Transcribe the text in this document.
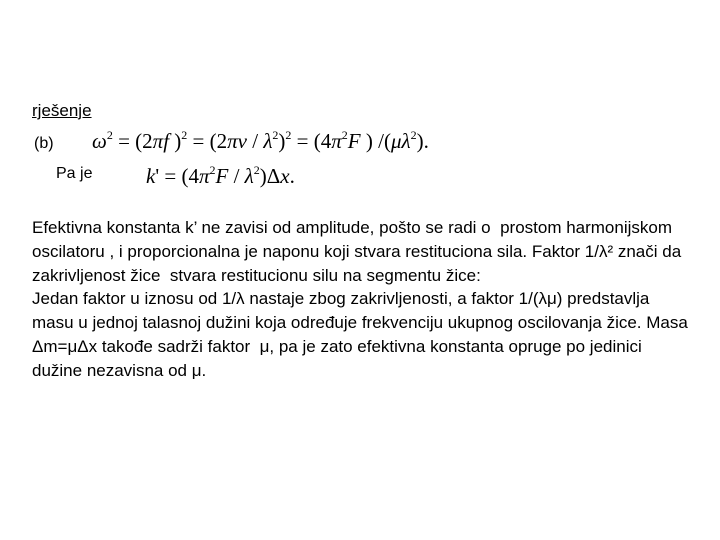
rješenje
(b) $\omega^2 = (2\pi f$ )$^2 = (2\pi v / \lambda^2)^2 = (4\pi^2F$ ) $/(\mu\lambda^2)$.
Pa je	$k' = (4\pi^2F / \lambda^2)\Delta x$.

Efektivna konstanta k’ ne zavisi od amplitude, pošto se radi o  prostom harmonijskom oscilatoru , i proporcionalna je naponu koji stvara restituciona sila. Faktor 1/λ² znači da zakrivljenost žice  stvara restitucionu silu na segmentu žice:

Jedan faktor u iznosu od 1/λ nastaje zbog zakrivljenosti, a faktor 1/(λμ) predstavlja masu u jednoj talasnoj dužini koja određuje frekvenciju ukupnog oscilovanja žice. Masa Δm=μΔx takođe sadrži faktor  μ, pa je zato efektivna konstanta opruge po jedinici dužine nezavisna od μ.
